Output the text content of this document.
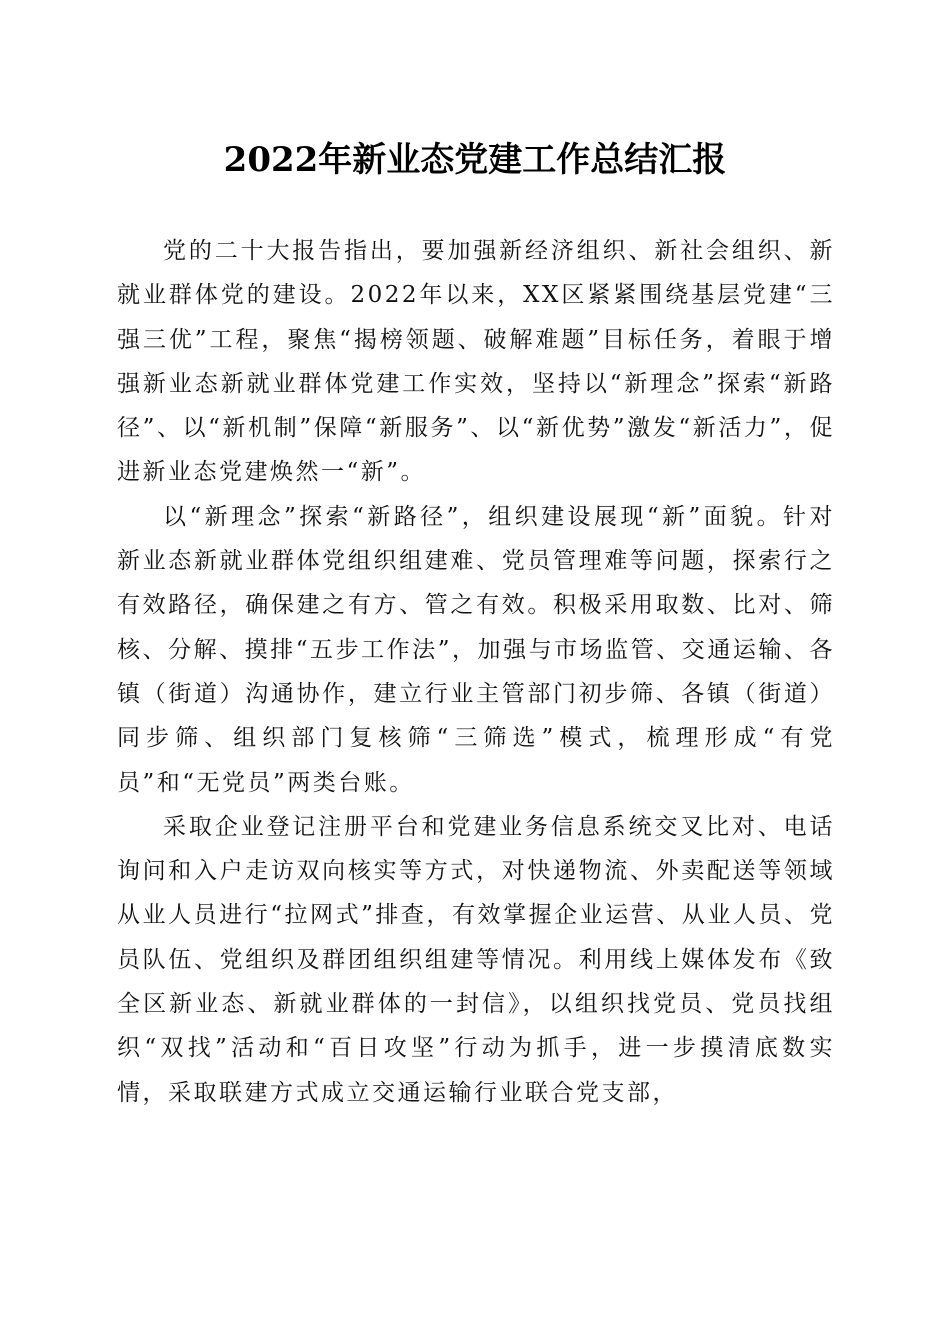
2022年新业态党建工作总结汇报

党的二十大报告指出，要加强新经济组织、新社会组织、新就业群体党的建设。2022年以来，XX区紧紧围绕基层党建“三强三优”工程，聚焦“揭榜领题、破解难题”目标任务，着眼于增强新业态新就业群体党建工作实效，坚持以“新理念”探索“新路径”、以“新机制”保障“新服务”、以“新优势”激发“新活力”，促进新业态党建焕然一“新”。

以“新理念”探索“新路径”，组织建设展现“新”面貌。针对新业态新就业群体党组织组建难、党员管理难等问题，探索行之有效路径，确保建之有方、管之有效。积极采用取数、比对、筛核、分解、摸排“五步工作法”，加强与市场监管、交通运输、各镇（街道）沟通协作，建立行业主管部门初步筛、各镇（街道）同步筛、组织部门复核筛“三筛选”模式，梳理形成“有党员”和“无党员”两类台账。

采取企业登记注册平台和党建业务信息系统交叉比对、电话询问和入户走访双向核实等方式，对快递物流、外卖配送等领域从业人员进行“拉网式”排查，有效掌握企业运营、从业人员、党员队伍、党组织及群团组织组建等情况。利用线上媒体发布《致全区新业态、新就业群体的一封信》，以组织找党员、党员找组织“双找”活动和“百日攻坚”行动为抓手，进一步摸清底数实情，采取联建方式成立交通运输行业联合党支部，
